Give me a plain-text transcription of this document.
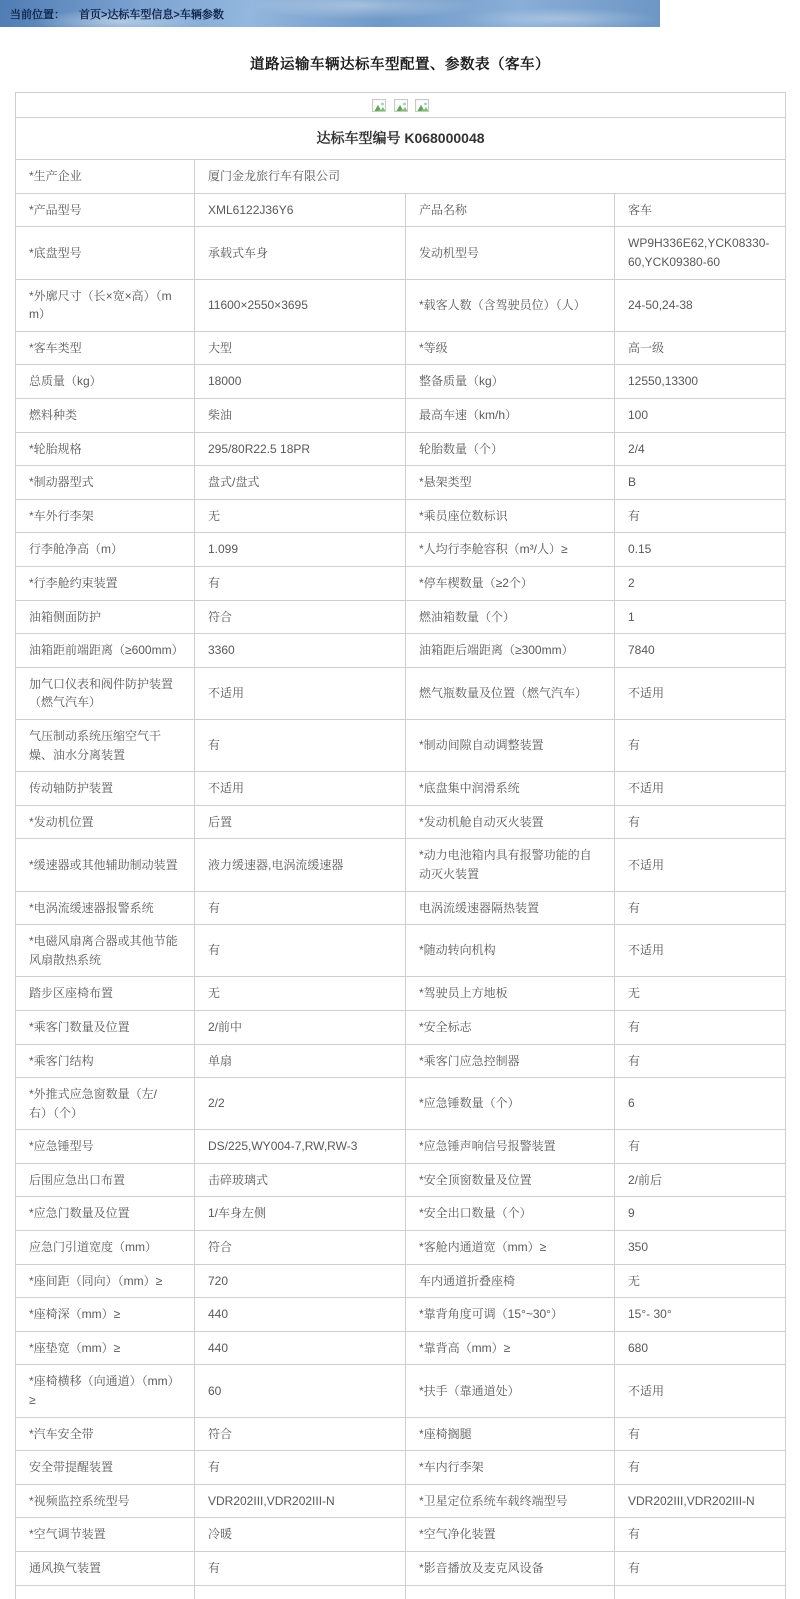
当前位置： 首页>达标车型信息>车辆参数
道路运输车辆达标车型配置、参数表（客车）

达标车型编号 K068000048			
*生产企业	厦门金龙旅行车有限公司		
*产品型号	XML6122J36Y6	产品名称	客车
*底盘型号	承载式车身	发动机型号	WP9H336E62,YCK08330-60,YCK09380-60
*外廓尺寸（长×宽×高）（mm）	11600×2550×3695	*载客人数（含驾驶员位）（人）	24-50,24-38
*客车类型	大型	*等级	高一级
总质量（kg）	18000	整备质量（kg）	12550,13300
燃料种类	柴油	最高车速（km/h）	100
*轮胎规格	295/80R22.5 18PR	轮胎数量（个）	2/4
*制动器型式	盘式/盘式	*悬架类型	B
*车外行李架	无	*乘员座位数标识	有
行李舱净高（m）	1.099	*人均行李舱容积（m³/人）≥	0.15
*行李舱约束装置	有	*停车楔数量（≥2个）	2
油箱侧面防护	符合	燃油箱数量（个）	1
油箱距前端距离（≥600mm）	3360	油箱距后端距离（≥300mm）	7840
加气口仪表和阀件防护装置（燃气汽车）	不适用	燃气瓶数量及位置（燃气汽车）	不适用
气压制动系统压缩空气干燥、油水分离装置	有	*制动间隙自动调整装置	有
传动轴防护装置	不适用	*底盘集中润滑系统	不适用
*发动机位置	后置	*发动机舱自动灭火装置	有
*缓速器或其他辅助制动装置	液力缓速器,电涡流缓速器	*动力电池箱内具有报警功能的自动灭火装置	不适用
*电涡流缓速器报警系统	有	电涡流缓速器隔热装置	有
*电磁风扇离合器或其他节能风扇散热系统	有	*随动转向机构	不适用
踏步区座椅布置	无	*驾驶员上方地板	无
*乘客门数量及位置	2/前中	*安全标志	有
*乘客门结构	单扇	*乘客门应急控制器	有
*外推式应急窗数量（左/右）（个）	2/2	*应急锤数量（个）	6
*应急锤型号	DS/225,WY004-7,RW,RW-3	*应急锤声响信号报警装置	有
后围应急出口布置	击碎玻璃式	*安全顶窗数量及位置	2/前后
*应急门数量及位置	1/车身左侧	*安全出口数量（个）	9
应急门引道宽度（mm）	符合	*客舱内通道宽（mm）≥	350
*座间距（同向）（mm）≥	720	车内通道折叠座椅	无
*座椅深（mm）≥	440	*靠背角度可调（15°~30°）	15°- 30°
*座垫宽（mm）≥	440	*靠背高（mm）≥	680
*座椅横移（向通道）（mm）≥	60	*扶手（靠通道处）	不适用
*汽车安全带	符合	*座椅搁腿	有
安全带提醒装置	有	*车内行李架	有
*视频监控系统型号	VDR202III,VDR202III-N	*卫星定位系统车载终端型号	VDR202III,VDR202III-N
*空气调节装置	冷暖	*空气净化装置	有
通风换气装置	有	*影音播放及麦克风设备	有
